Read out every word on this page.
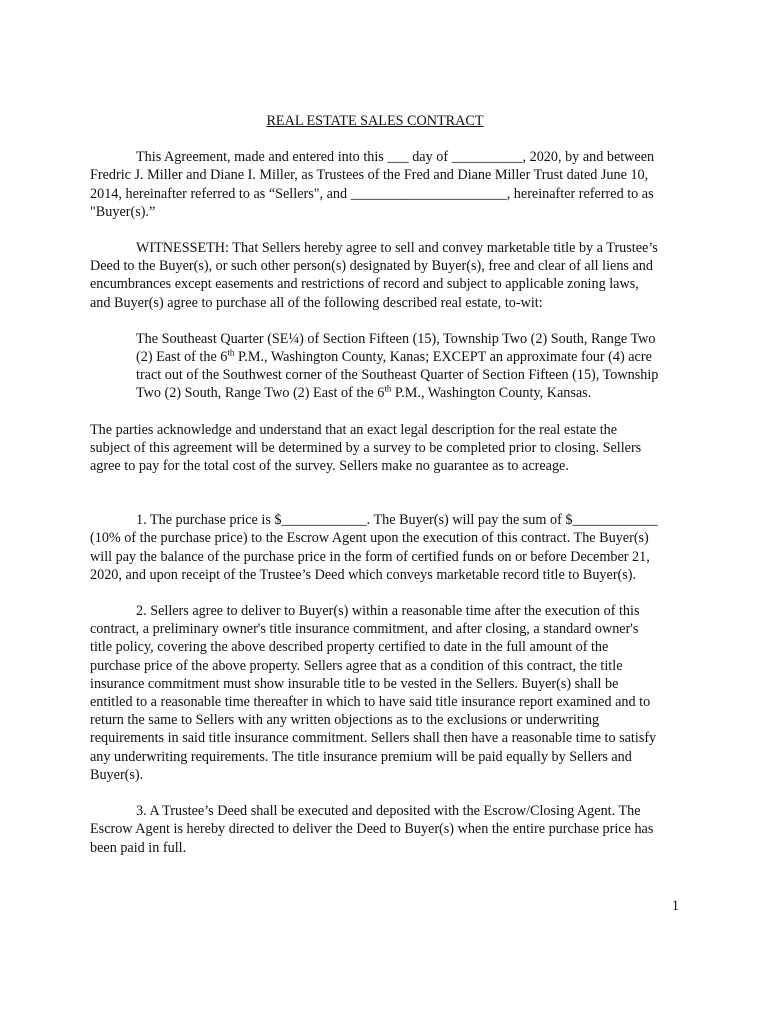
REAL ESTATE SALES CONTRACT

This Agreement, made and entered into this ___ day of __________, 2020, by and between Fredric J. Miller and Diane I. Miller, as Trustees of the Fred and Diane Miller Trust dated June 10, 2014, hereinafter referred to as “Sellers", and ______________________, hereinafter referred to as "Buyer(s).”

WITNESSETH: That Sellers hereby agree to sell and convey marketable title by a Trustee’s Deed to the Buyer(s), or such other person(s) designated by Buyer(s), free and clear of all liens and encumbrances except easements and restrictions of record and subject to applicable zoning laws, and Buyer(s) agree to purchase all of the following described real estate, to-wit:

The Southeast Quarter (SE¼) of Section Fifteen (15), Township Two (2) South, Range Two (2) East of the 6th P.M., Washington County, Kanas; EXCEPT an approximate four (4) acre tract out of the Southwest corner of the Southeast Quarter of Section Fifteen (15), Township Two (2) South, Range Two (2) East of the 6th P.M., Washington County, Kansas.

The parties acknowledge and understand that an exact legal description for the real estate the subject of this agreement will be determined by a survey to be completed prior to closing. Sellers agree to pay for the total cost of the survey. Sellers make no guarantee as to acreage.

1. The purchase price is $____________. The Buyer(s) will pay the sum of $____________ (10% of the purchase price) to the Escrow Agent upon the execution of this contract. The Buyer(s) will pay the balance of the purchase price in the form of certified funds on or before December 21, 2020, and upon receipt of the Trustee’s Deed which conveys marketable record title to Buyer(s).

2. Sellers agree to deliver to Buyer(s) within a reasonable time after the execution of this contract, a preliminary owner's title insurance commitment, and after closing, a standard owner's title policy, covering the above described property certified to date in the full amount of the purchase price of the above property. Sellers agree that as a condition of this contract, the title insurance commitment must show insurable title to be vested in the Sellers. Buyer(s) shall be entitled to a reasonable time thereafter in which to have said title insurance report examined and to return the same to Sellers with any written objections as to the exclusions or underwriting requirements in said title insurance commitment. Sellers shall then have a reasonable time to satisfy any underwriting requirements. The title insurance premium will be paid equally by Sellers and Buyer(s).

3. A Trustee’s Deed shall be executed and deposited with the Escrow/Closing Agent. The Escrow Agent is hereby directed to deliver the Deed to Buyer(s) when the entire purchase price has been paid in full.

1
